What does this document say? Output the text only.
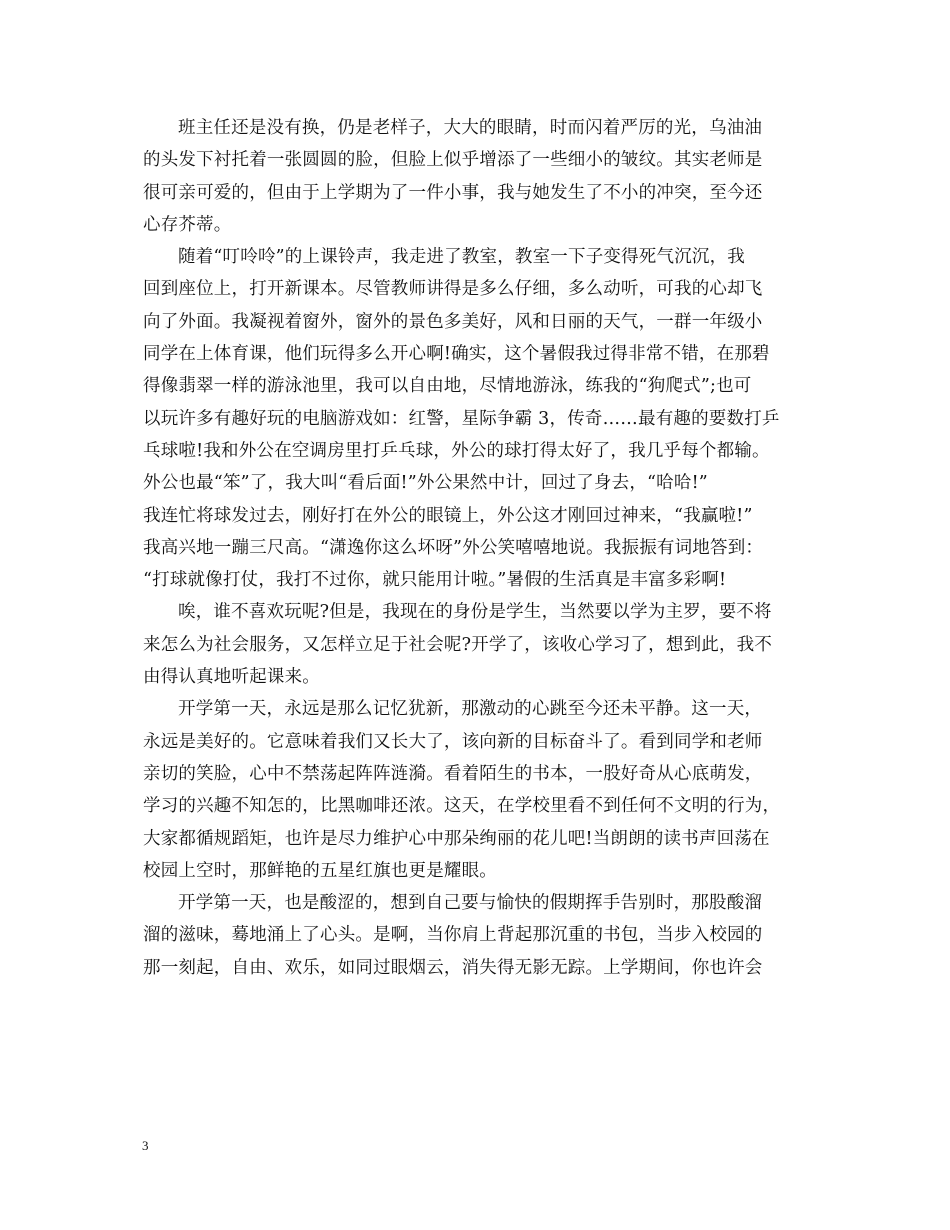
班主任还是没有换，仍是老样子，大大的眼睛，时而闪着严厉的光，乌油油
的头发下衬托着一张圆圆的脸，但脸上似乎增添了一些细小的皱纹。其实老师是
很可亲可爱的，但由于上学期为了一件小事，我与她发生了不小的冲突，至今还
心存芥蒂。
随着“叮呤呤”的上课铃声，我走进了教室，教室一下子变得死气沉沉，我
回到座位上，打开新课本。尽管教师讲得是多么仔细，多么动听，可我的心却飞
向了外面。我凝视着窗外，窗外的景色多美好，风和日丽的天气，一群一年级小
同学在上体育课，他们玩得多么开心啊!确实，这个暑假我过得非常不错，在那碧
得像翡翠一样的游泳池里，我可以自由地，尽情地游泳，练我的“狗爬式”;也可
以玩许多有趣好玩的电脑游戏如：红警，星际争霸 3，传奇……最有趣的要数打乒
乓球啦!我和外公在空调房里打乒乓球，外公的球打得太好了，我几乎每个都输。
外公也最“笨”了，我大叫“看后面!”外公果然中计，回过了身去，“哈哈!”
我连忙将球发过去，刚好打在外公的眼镜上，外公这才刚回过神来，“我赢啦!”
我高兴地一蹦三尺高。“潇逸你这么坏呀”外公笑嘻嘻地说。我振振有词地答到：
“打球就像打仗，我打不过你，就只能用计啦。”暑假的生活真是丰富多彩啊!
唉，谁不喜欢玩呢?但是，我现在的身份是学生，当然要以学为主罗，要不将
来怎么为社会服务，又怎样立足于社会呢?开学了，该收心学习了，想到此，我不
由得认真地听起课来。
开学第一天，永远是那么记忆犹新，那激动的心跳至今还未平静。这一天，
永远是美好的。它意味着我们又长大了，该向新的目标奋斗了。看到同学和老师
亲切的笑脸，心中不禁荡起阵阵涟漪。看着陌生的书本，一股好奇从心底萌发，
学习的兴趣不知怎的，比黑咖啡还浓。这天，在学校里看不到任何不文明的行为，
大家都循规蹈矩，也许是尽力维护心中那朵绚丽的花儿吧!当朗朗的读书声回荡在
校园上空时，那鲜艳的五星红旗也更是耀眼。
开学第一天，也是酸涩的，想到自己要与愉快的假期挥手告别时，那股酸溜
溜的滋味，蓦地涌上了心头。是啊，当你肩上背起那沉重的书包，当步入校园的
那一刻起，自由、欢乐，如同过眼烟云，消失得无影无踪。上学期间，你也许会
3
